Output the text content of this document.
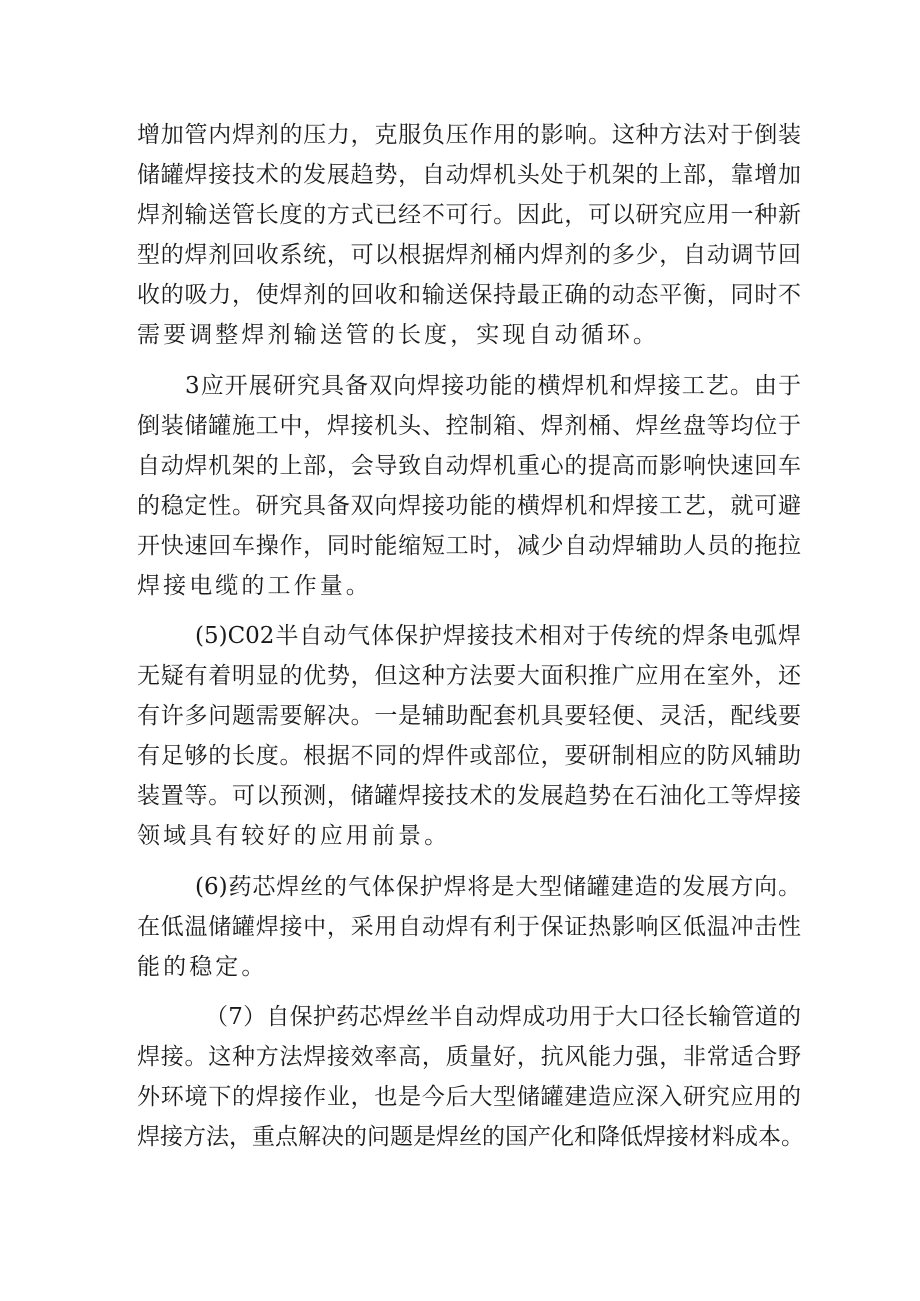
增加管内焊剂的压力，克服负压作用的影响。这种方法对于倒装
储罐焊接技术的发展趋势，自动焊机头处于机架的上部，靠增加
焊剂输送管长度的方式已经不可行。因此，可以研究应用一种新
型的焊剂回收系统，可以根据焊剂桶内焊剂的多少，自动调节回
收的吸力，使焊剂的回收和输送保持最正确的动态平衡，同时不
需要调整焊剂输送管的长度，实现自动循环。
3应开展研究具备双向焊接功能的横焊机和焊接工艺。由于
倒装储罐施工中，焊接机头、控制箱、焊剂桶、焊丝盘等均位于
自动焊机架的上部，会导致自动焊机重心的提高而影响快速回车
的稳定性。研究具备双向焊接功能的横焊机和焊接工艺，就可避
开快速回车操作，同时能缩短工时，减少自动焊辅助人员的拖拉
焊接电缆的工作量。
(5)C02半自动气体保护焊接技术相对于传统的焊条电弧焊
无疑有着明显的优势，但这种方法要大面积推广应用在室外，还
有许多问题需要解决。一是辅助配套机具要轻便、灵活，配线要
有足够的长度。根据不同的焊件或部位，要研制相应的防风辅助
装置等。可以预测，储罐焊接技术的发展趋势在石油化工等焊接
领域具有较好的应用前景。
(6)药芯焊丝的气体保护焊将是大型储罐建造的发展方向。
在低温储罐焊接中，采用自动焊有利于保证热影响区低温冲击性
能的稳定。
（7）自保护药芯焊丝半自动焊成功用于大口径长输管道的
焊接。这种方法焊接效率高，质量好，抗风能力强，非常适合野
外环境下的焊接作业，也是今后大型储罐建造应深入研究应用的
焊接方法，重点解决的问题是焊丝的国产化和降低焊接材料成本。
